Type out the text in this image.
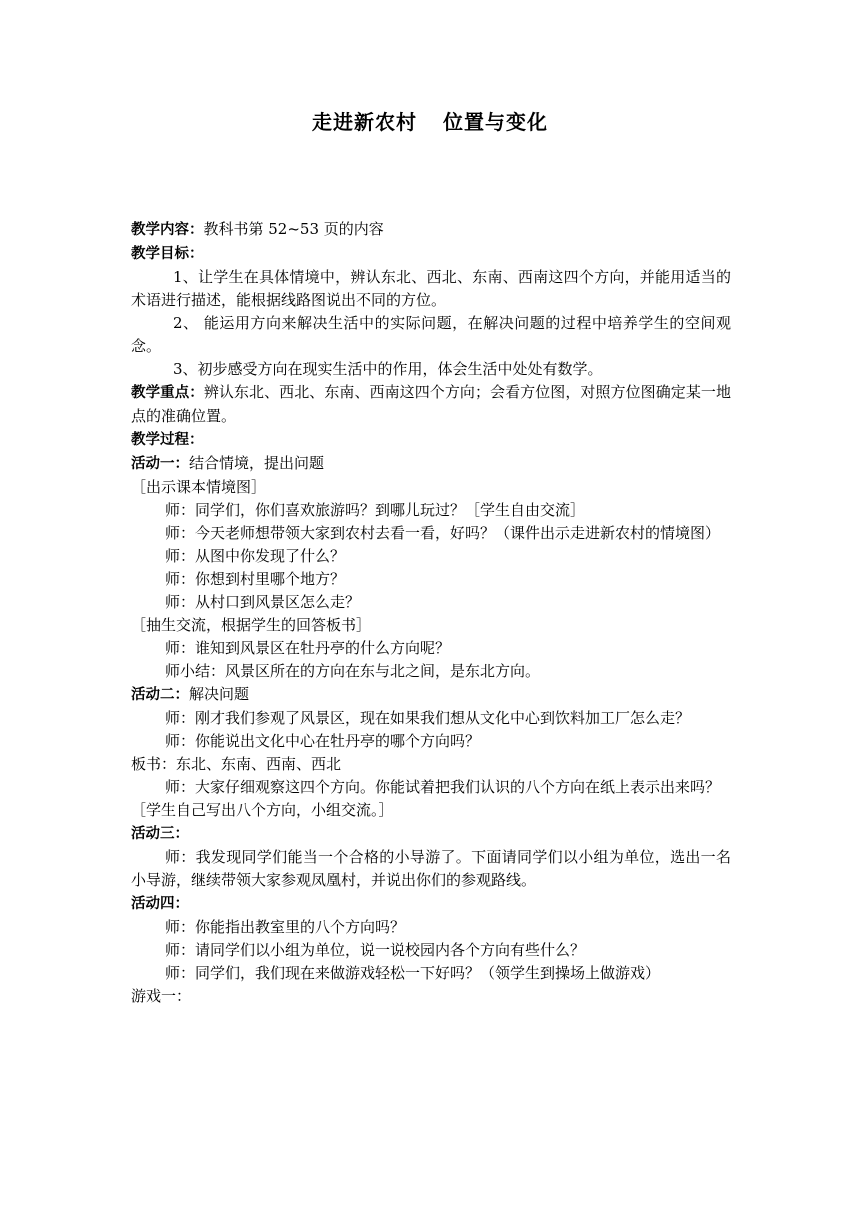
走进新农村 位置与变化

教学内容：教科书第 52~53 页的内容

教学目标：

1、让学生在具体情境中，辨认东北、西北、东南、西南这四个方向，并能用适当的术语进行描述，能根据线路图说出不同的方位。

2、 能运用方向来解决生活中的实际问题，在解决问题的过程中培养学生的空间观念。

3、初步感受方向在现实生活中的作用，体会生活中处处有数学。

教学重点：辨认东北、西北、东南、西南这四个方向；会看方位图，对照方位图确定某一地点的准确位置。

教学过程：

活动一：结合情境，提出问题

［出示课本情境图］

师：同学们，你们喜欢旅游吗？到哪儿玩过？［学生自由交流］

师：今天老师想带领大家到农村去看一看，好吗？（课件出示走进新农村的情境图）

师：从图中你发现了什么？

师：你想到村里哪个地方？

师：从村口到风景区怎么走？

［抽生交流，根据学生的回答板书］

师：谁知到风景区在牡丹亭的什么方向呢？

师小结：风景区所在的方向在东与北之间，是东北方向。

活动二：解决问题

师：刚才我们参观了风景区，现在如果我们想从文化中心到饮料加工厂怎么走？

师：你能说出文化中心在牡丹亭的哪个方向吗？

板书：东北、东南、西南、西北

师：大家仔细观察这四个方向。你能试着把我们认识的八个方向在纸上表示出来吗？

［学生自己写出八个方向，小组交流。］

活动三：

师：我发现同学们能当一个合格的小导游了。下面请同学们以小组为单位，选出一名小导游，继续带领大家参观凤凰村，并说出你们的参观路线。

活动四：

师：你能指出教室里的八个方向吗？

师：请同学们以小组为单位，说一说校园内各个方向有些什么？

师：同学们，我们现在来做游戏轻松一下好吗？（领学生到操场上做游戏）

游戏一：
